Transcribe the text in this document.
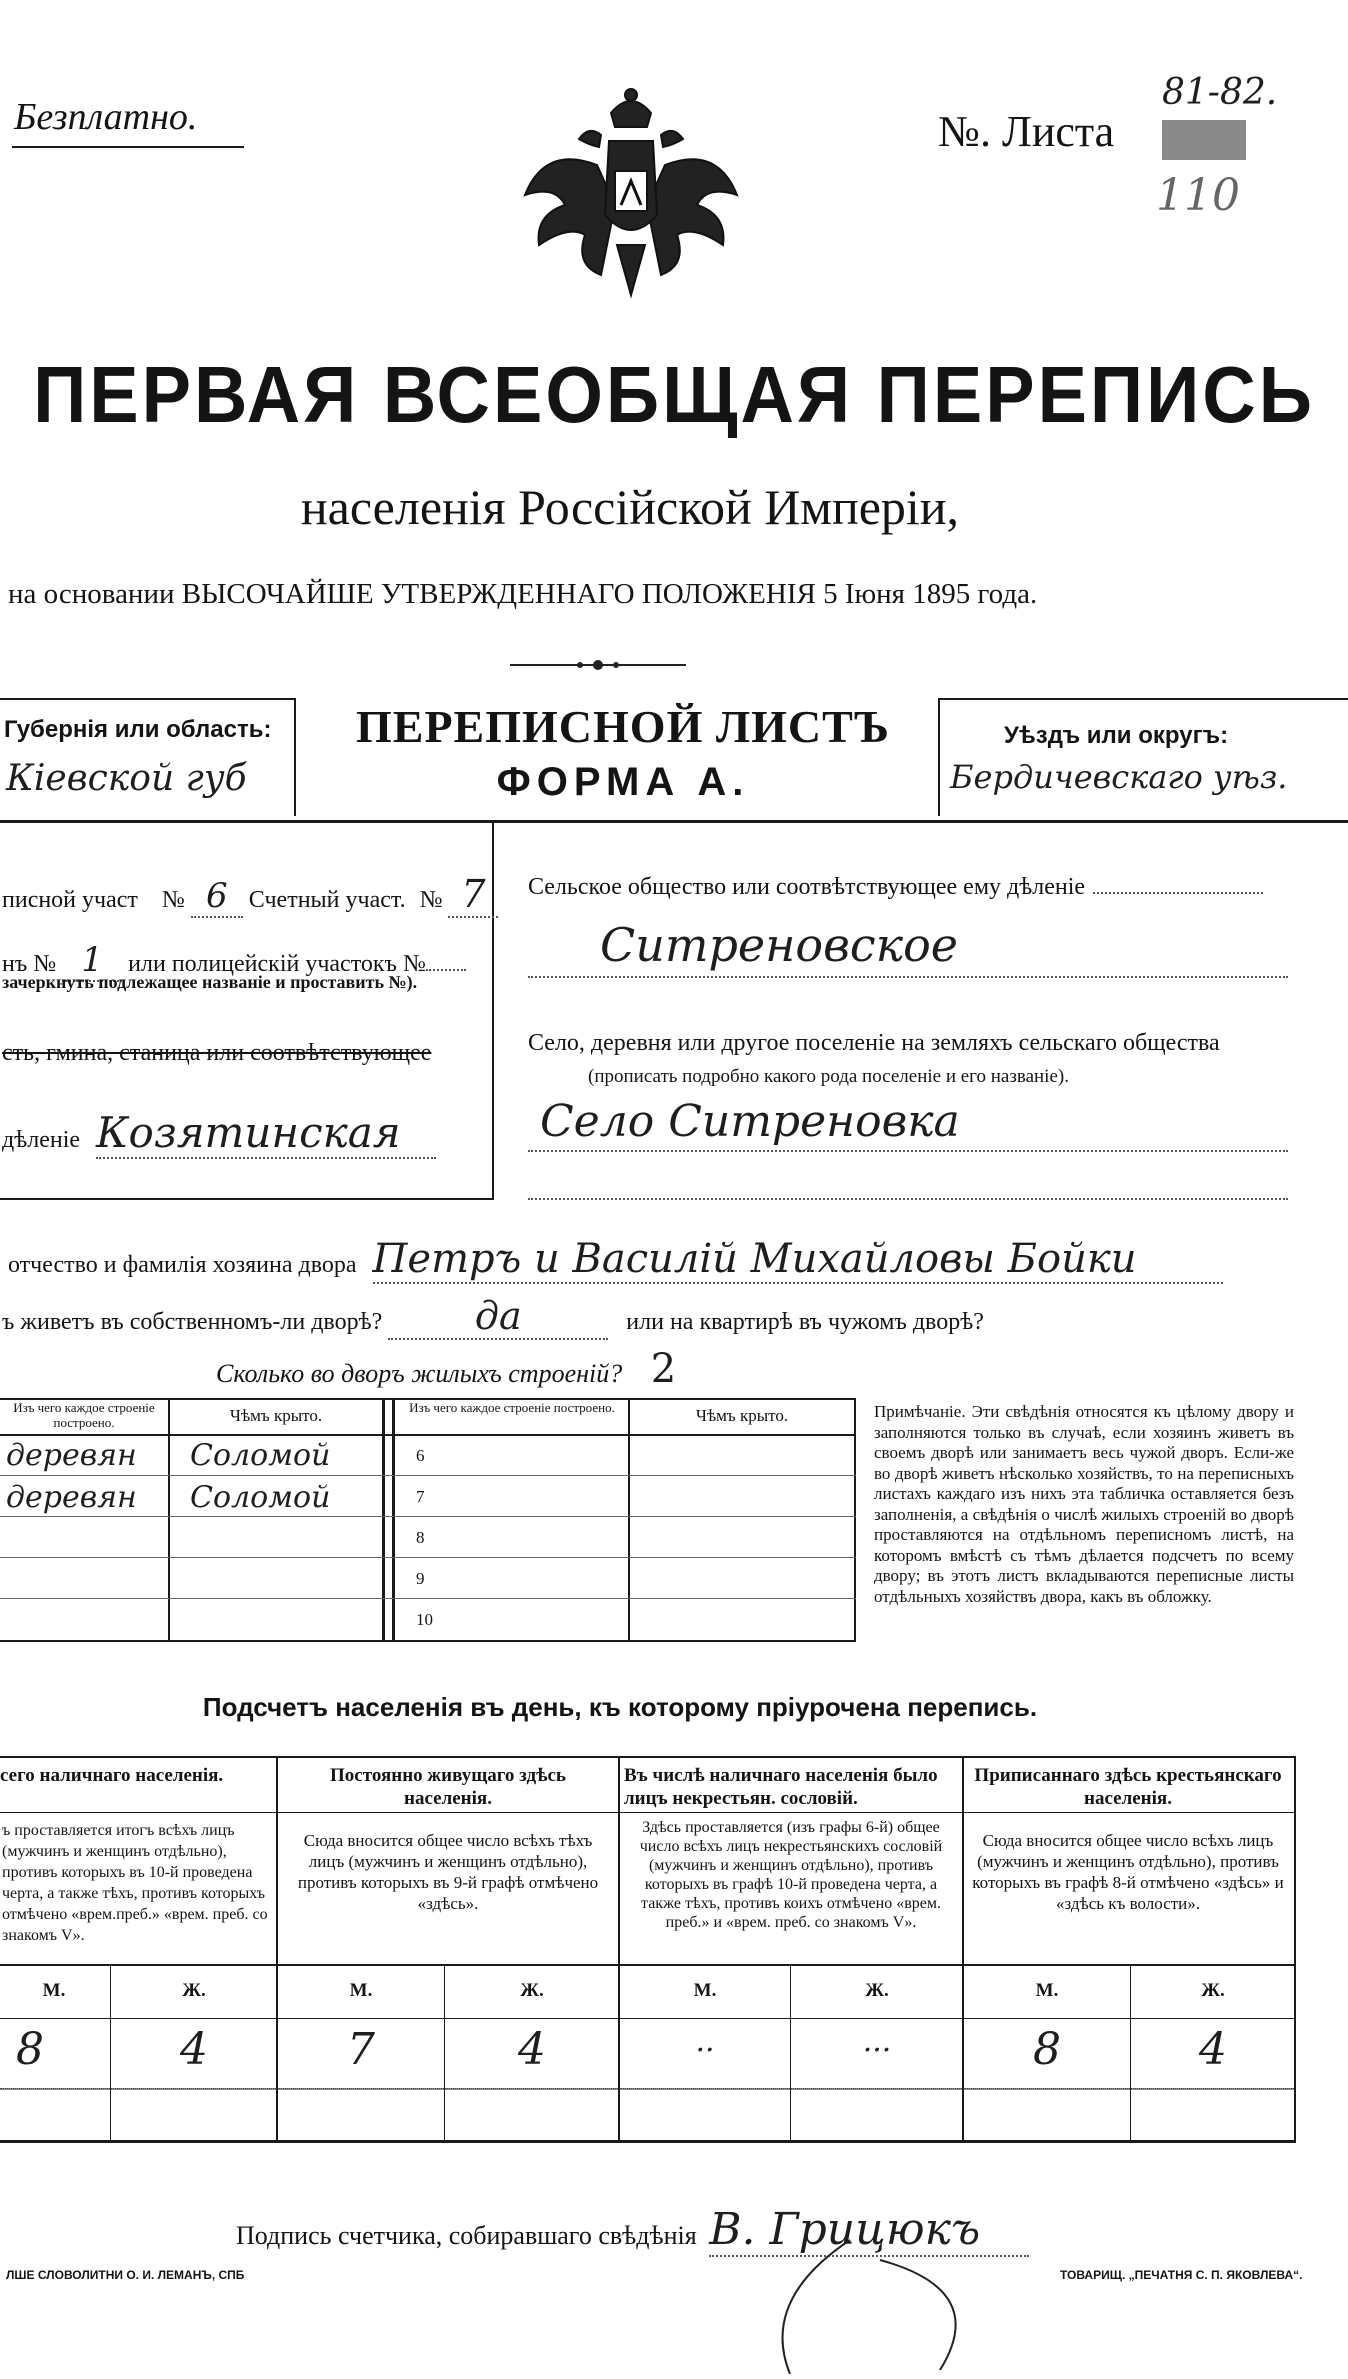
Безплатно.	№. Листа
81-82.
110
ПЕРВАЯ ВСЕОБЩАЯ ПЕРЕПИСЬ
населенія Россійской Имперіи,
на основании ВЫСОЧАЙШЕ УТВЕРЖДЕННАГО ПОЛОЖЕНІЯ 5 Іюня 1895 года.
Губернія или область:
Кіевской губ
ПЕРЕПИСНОЙ ЛИСТЪ
ФОРМА А.
Уѣздъ или округъ:
Бердичевскаго уѣз.
писной участ № 6 Счетный участ. № 7
нъ № 1 или полицейскій участокъ №
зачеркнуть подлежащее названіе и проставить №).
сть, гмина, станица или соотвѣтствующее
дѣленіе Козятинская
Сельское общество или соотвѣтствующее ему дѣленіе
Ситреновское
Село, деревня или другое поселеніе на земляхъ сельскаго общества
(прописать подробно какого рода поселеніе и его названіе).
Село Ситреновка
отчество и фамилія хозяина двора Петръ и Василій Михайловы Бойки
ъ живетъ въ собственномъ-ли дворѣ? да	или на квартирѣ въ чужомъ дворѣ?
Сколько во дворъ жилыхъ строеній? 2
Изъ чего каждое строеніе построено.	Чѣмъ крыто.	Изъ чего каждое строеніе построено.	Чѣмъ крыто.
деревян Соломой
деревян Соломой
6
7
8
9
10
Примѣчаніе. Эти свѣдѣнія относятся къ цѣлому двору и заполняются только въ случаѣ, если хозяинъ живетъ въ своемъ дворѣ или занимаетъ весь чужой дворъ. Если-же во дворѣ живетъ нѣсколько хозяйствъ, то на переписныхъ листахъ каждаго изъ нихъ эта табличка оставляется безъ заполненія, а свѣдѣнія о числѣ жилыхъ строеній во дворѣ проставляются на отдѣльномъ переписномъ листѣ, на которомъ вмѣстѣ съ тѣмъ дѣлается подсчетъ по всему двору; въ этотъ листъ вкладываются переписные листы отдѣльныхъ хозяйствъ двора, какъ въ обложку.
Подсчетъ населенія въ день, къ которому пріурочена перепись.
сего наличнаго населенія.
ъ проставляется итогъ всѣхъ лицъ (мужчинъ и женщинъ отдѣльно), противъ которыхъ въ 10-й проведена черта, а также тѣхъ, противъ которыхъ отмѣчено «врем.преб.» «врем. преб. со знакомъ V».
М.	Ж.
8	4
Постоянно живущаго здѣсь населенія.
Сюда вносится общее число всѣхъ тѣхъ лицъ (мужчинъ и женщинъ отдѣльно), противъ которыхъ въ 9-й графѣ отмѣчено «здѣсь».
М.	Ж.
7	4
Въ числѣ наличнаго населенія было лицъ некрестьян. сословій.
Здѣсь проставляется (изъ графы 6-й) общее число всѣхъ лицъ некрестьянскихъ сословій (мужчинъ и женщинъ отдѣльно), противъ которыхъ въ графѣ 10-й проведена черта, а также тѣхъ, противъ коихъ отмѣчено «врем. преб.» и «врем. преб. со знакомъ V».
М.	Ж.
..	...
Приписаннаго здѣсь крестьянскаго населенія.
Сюда вносится общее число всѣхъ лицъ (мужчинъ и женщинъ отдѣльно), противъ которыхъ въ графѣ 8-й отмѣчено «здѣсь» и «здѣсь къ волости».
М.	Ж.
8	4
Подпись счетчика, собиравшаго свѣдѣнія В. Грицюкъ
ЛШЕ СЛОВОЛИТНИ О. И. ЛЕМАНЪ, СПБ	ТОВАРИЩ. „ПЕЧАТНЯ С. П. ЯКОВЛЕВА“.
